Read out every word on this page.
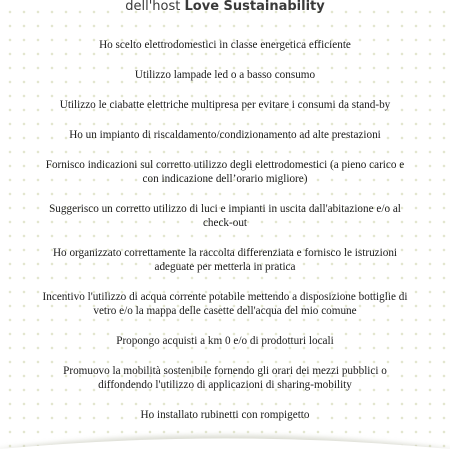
dell'host Love Sustainability
Ho scelto elettrodomestici in classe energetica efficiente
Utilizzo lampade led o a basso consumo
Utilizzo le ciabatte elettriche multipresa per evitare i consumi da stand-by
Ho un impianto di riscaldamento/condizionamento ad alte prestazioni
Fornisco indicazioni sul corretto utilizzo degli elettrodomestici (a pieno carico e con indicazione dell’orario migliore)
Suggerisco un corretto utilizzo di luci e impianti in uscita dall'abitazione e/o al check-out
Ho organizzato correttamente la raccolta differenziata e fornisco le istruzioni adeguate per metterla in pratica
Incentivo l'utilizzo di acqua corrente potabile mettendo a disposizione bottiglie di vetro e/o la mappa delle casette dell'acqua del mio comune
Propongo acquisti a km 0 e/o di prodotturi locali
Promuovo la mobilità sostenibile fornendo gli orari dei mezzi pubblici o diffondendo l'utilizzo di applicazioni di sharing-mobility
Ho installato rubinetti con rompigetto
